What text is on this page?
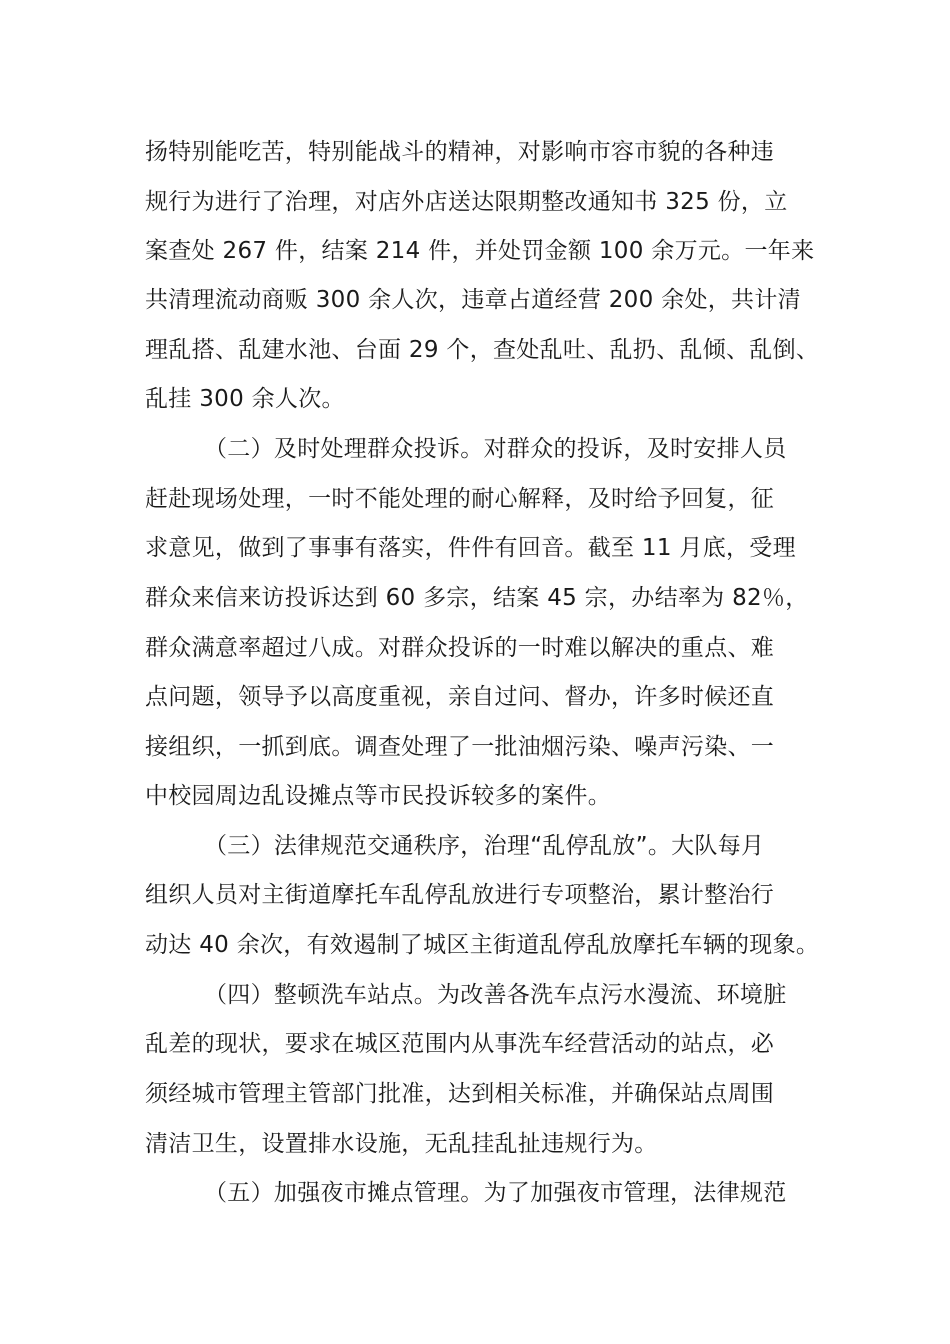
扬特别能吃苦，特别能战斗的精神，对影响市容市貌的各种违
规行为进行了治理，对店外店送达限期整改通知书 325 份，立
案查处 267 件，结案 214 件，并处罚金额 100 余万元。一年来
共清理流动商贩 300 余人次，违章占道经营 200 余处，共计清
理乱搭、乱建水池、台面 29 个，查处乱吐、乱扔、乱倾、乱倒、
乱挂 300 余人次。
（二）及时处理群众投诉。对群众的投诉，及时安排人员
赶赴现场处理，一时不能处理的耐心解释，及时给予回复，征
求意见，做到了事事有落实，件件有回音。截至 11 月底，受理
群众来信来访投诉达到 60 多宗，结案 45 宗，办结率为 82％，
群众满意率超过八成。对群众投诉的一时难以解决的重点、难
点问题，领导予以高度重视，亲自过问、督办，许多时候还直
接组织，一抓到底。调查处理了一批油烟污染、噪声污染、一
中校园周边乱设摊点等市民投诉较多的案件。
（三）法律规范交通秩序，治理“乱停乱放”。大队每月
组织人员对主街道摩托车乱停乱放进行专项整治，累计整治行
动达 40 余次，有效遏制了城区主街道乱停乱放摩托车辆的现象。
（四）整顿洗车站点。为改善各洗车点污水漫流、环境脏
乱差的现状，要求在城区范围内从事洗车经营活动的站点，必
须经城市管理主管部门批准，达到相关标准，并确保站点周围
清洁卫生，设置排水设施，无乱挂乱扯违规行为。
（五）加强夜市摊点管理。为了加强夜市管理，法律规范
